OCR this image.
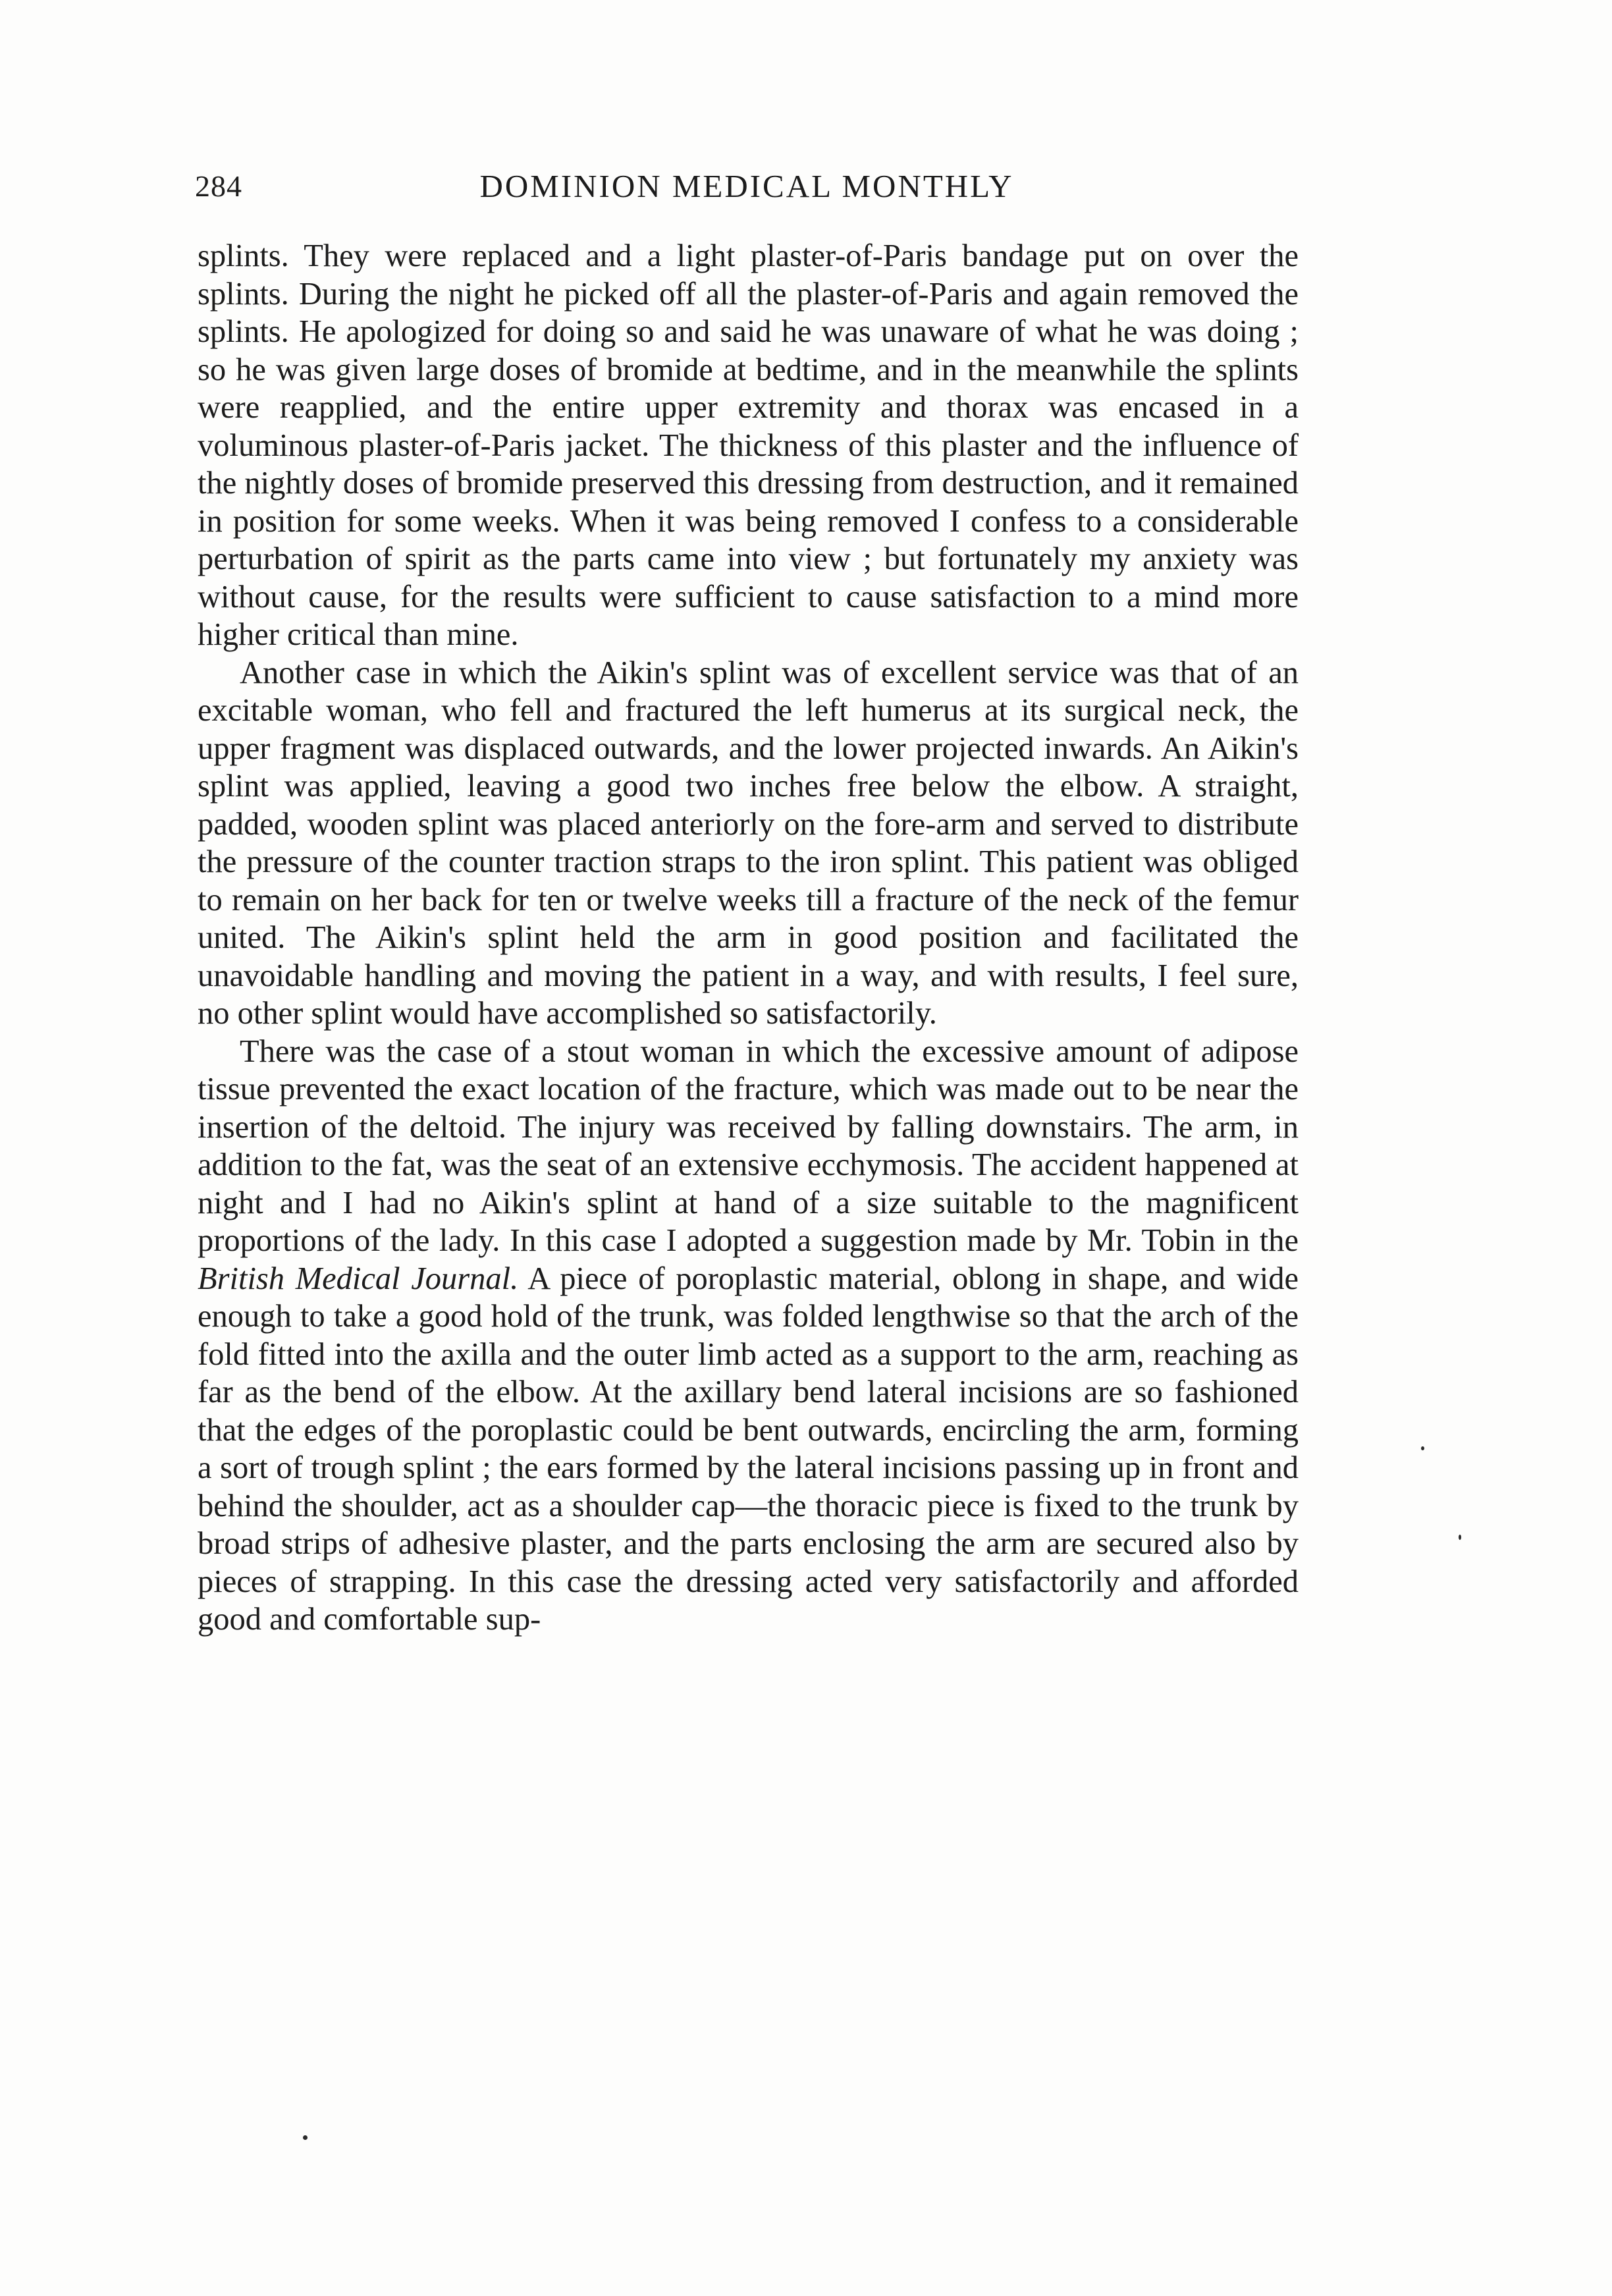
284	DOMINION MEDICAL MONTHLY

splints. They were replaced and a light plaster-of-Paris bandage put on over the splints. During the night he picked off all the plaster-of-Paris and again removed the splints. He apologized for doing so and said he was unaware of what he was doing ; so he was given large doses of bromide at bedtime, and in the meanwhile the splints were reapplied, and the entire upper extremity and thorax was encased in a voluminous plaster-of-Paris jacket. The thickness of this plaster and the influence of the nightly doses of bromide preserved this dressing from destruction, and it remained in position for some weeks. When it was being removed I confess to a considerable perturbation of spirit as the parts came into view ; but fortunately my anxiety was without cause, for the results were sufficient to cause satisfaction to a mind more higher critical than mine.

Another case in which the Aikin's splint was of excellent service was that of an excitable woman, who fell and fractured the left humerus at its surgical neck, the upper fragment was displaced outwards, and the lower projected inwards. An Aikin's splint was applied, leaving a good two inches free below the elbow. A straight, padded, wooden splint was placed anteriorly on the fore-arm and served to distribute the pressure of the counter traction straps to the iron splint. This patient was obliged to remain on her back for ten or twelve weeks till a fracture of the neck of the femur united. The Aikin's splint held the arm in good position and facilitated the unavoidable handling and moving the patient in a way, and with results, I feel sure, no other splint would have accomplished so satisfactorily.

There was the case of a stout woman in which the excessive amount of adipose tissue prevented the exact location of the fracture, which was made out to be near the insertion of the deltoid. The injury was received by falling downstairs. The arm, in addition to the fat, was the seat of an extensive ecchymosis. The accident happened at night and I had no Aikin's splint at hand of a size suitable to the magnificent proportions of the lady. In this case I adopted a suggestion made by Mr. Tobin in the British Medical Journal. A piece of poroplastic material, oblong in shape, and wide enough to take a good hold of the trunk, was folded lengthwise so that the arch of the fold fitted into the axilla and the outer limb acted as a support to the arm, reaching as far as the bend of the elbow. At the axillary bend lateral incisions are so fashioned that the edges of the poroplastic could be bent outwards, encircling the arm, forming a sort of trough splint ; the ears formed by the lateral incisions passing up in front and behind the shoulder, act as a shoulder cap—the thoracic piece is fixed to the trunk by broad strips of adhesive plaster, and the parts enclosing the arm are secured also by pieces of strapping. In this case the dressing acted very satisfactorily and afforded good and comfortable sup-
